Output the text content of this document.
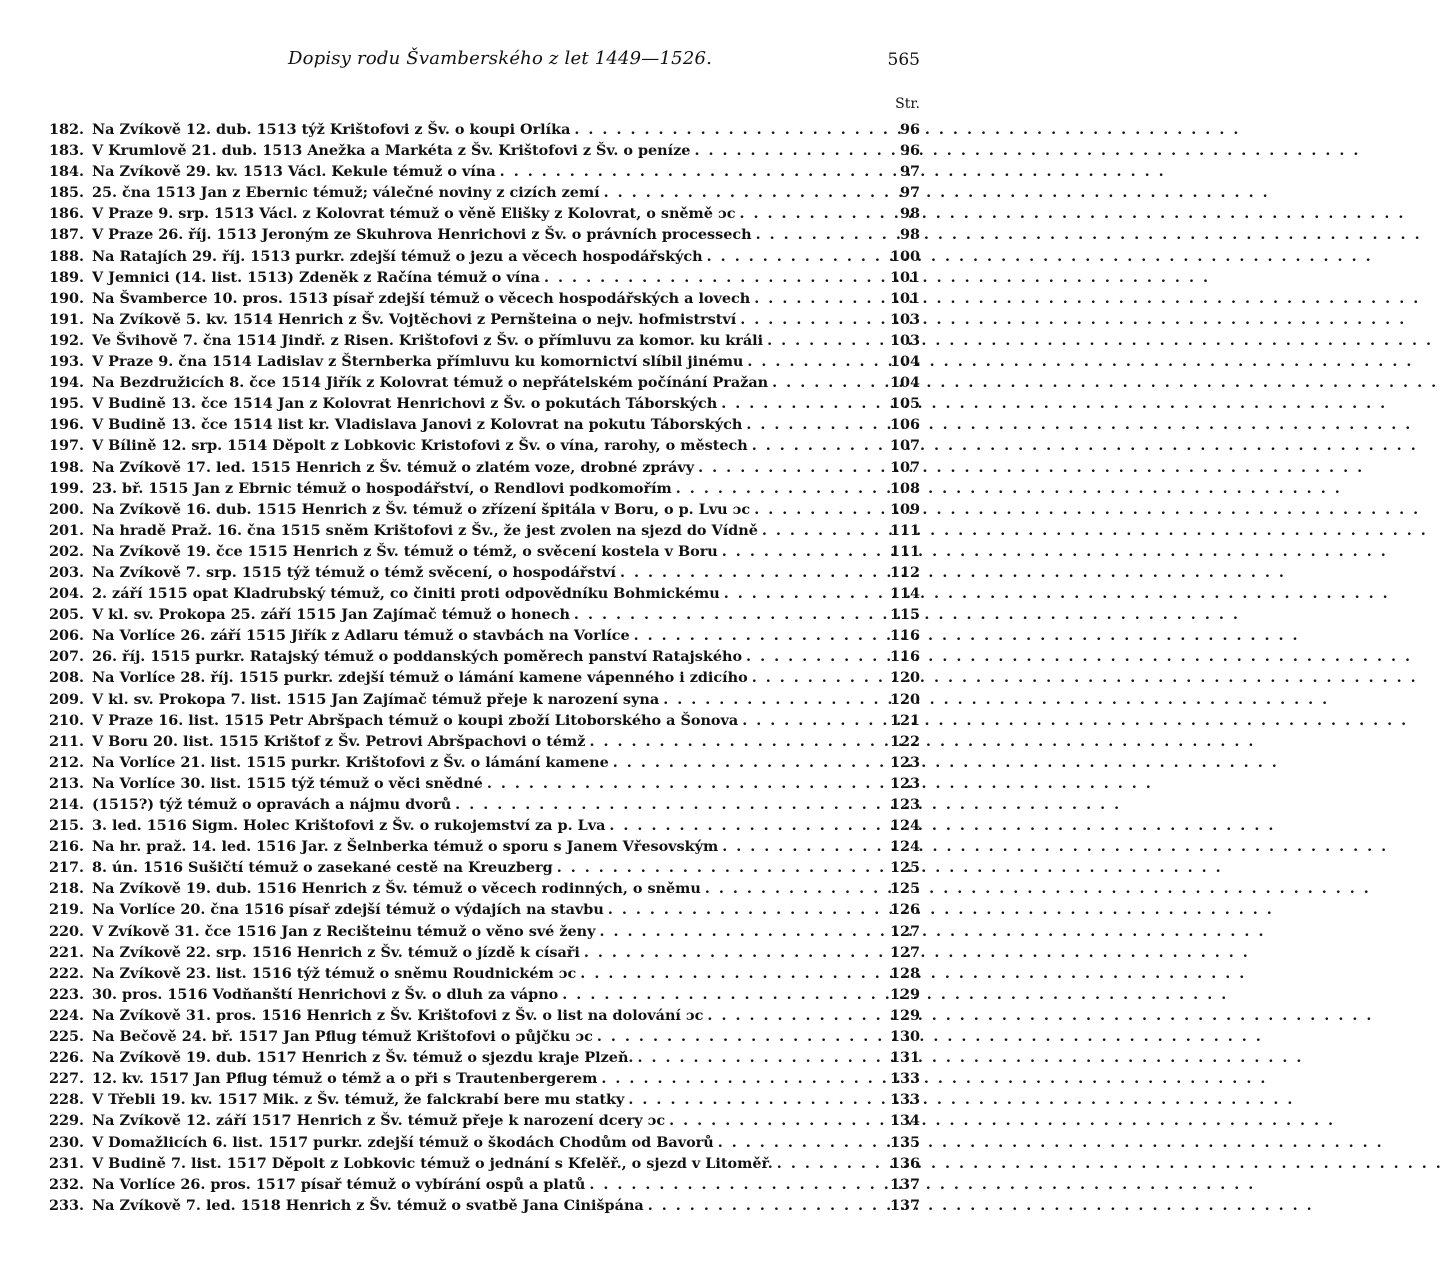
Dopisy rodu Švamberského z let 1449—1526.	565
Str.
182. Na Zvíkově 12. dub. 1513 týž Krištofovi z Šv. o koupi Orlíka . . .	96
183. V Krumlově 21. dub. 1513 Anežka a Markéta z Šv. Krištofovi z Šv. o peníze . . .	96
184. Na Zvíkově 29. kv. 1513 Václ. Kekule témuž o vína . . .	97
185. 25. čna 1513 Jan z Ebernic témuž; válečné noviny z cizích zemí . . .	97
186. V Praze 9. srp. 1513 Václ. z Kolovrat témuž o věně Elišky z Kolovrat, o sněmě ɔc . . .	98
187. V Praze 26. říj. 1513 Jeroným ze Skuhrova Henrichovi z Šv. o právních processech . . .	98
188. Na Ratajích 29. říj. 1513 purkr. zdejší témuž o jezu a věcech hospodářských . . .	100
189. V Jemnici (14. list. 1513) Zdeněk z Račína témuž o vína . . .	101
190. Na Švamberce 10. pros. 1513 písař zdejší témuž o věcech hospodářských a lovech . . .	101
191. Na Zvíkově 5. kv. 1514 Henrich z Šv. Vojtěchovi z Pernšteina o nejv. hofmistrství . . .	103
192. Ve Švihově 7. čna 1514 Jindř. z Risen. Krištofovi z Šv. o přímluvu za komor. ku králi . . .	103
193. V Praze 9. čna 1514 Ladislav z Šternberka přímluvu ku komornictví slíbil jinému . . .	104
194. Na Bezdružicích 8. čce 1514 Jiřík z Kolovrat témuž o nepřátelském počínání Pražan . . .	104
195. V Budině 13. čce 1514 Jan z Kolovrat Henrichovi z Šv. o pokutách Táborských . . .	105
196. V Budině 13. čce 1514 list kr. Vladislava Janovi z Kolovrat na pokutu Táborských . . .	106
197. V Bílině 12. srp. 1514 Děpolt z Lobkovic Kristofovi z Šv. o vína, rarohy, o městech . . .	107
198. Na Zvíkově 17. led. 1515 Henrich z Šv. témuž o zlatém voze, drobné zprávy . . .	107
199. 23. bř. 1515 Jan z Ebrnic témuž o hospodářství, o Rendlovi podkomořím . . .	108
200. Na Zvíkově 16. dub. 1515 Henrich z Šv. témuž o zřízení špitála v Boru, o p. Lvu ɔc . . .	109
201. Na hradě Praž. 16. čna 1515 sněm Krištofovi z Šv., že jest zvolen na sjezd do Vídně . . .	111
202. Na Zvíkově 19. čce 1515 Henrich z Šv. témuž o témž, o svěcení kostela v Boru . . .	111
203. Na Zvíkově 7. srp. 1515 týž témuž o témž svěcení, o hospodářství . . .	112
204. 2. září 1515 opat Kladrubský témuž, co činiti proti odpovědníku Bohmickému . . .	114
205. V kl. sv. Prokopa 25. září 1515 Jan Zajímač témuž o honech . . .	115
206. Na Vorlíce 26. září 1515 Jiřík z Adlaru témuž o stavbách na Vorlíce . . .	116
207. 26. říj. 1515 purkr. Ratajský témuž o poddanských poměrech panství Ratajského . . .	116
208. Na Vorlíce 28. říj. 1515 purkr. zdejší témuž o lámání kamene vápenného i zdicího . . .	120
209. V kl. sv. Prokopa 7. list. 1515 Jan Zajímač témuž přeje k narození syna . . .	120
210. V Praze 16. list. 1515 Petr Abršpach témuž o koupi zboží Litoborského a Šonova . . .	121
211. V Boru 20. list. 1515 Krištof z Šv. Petrovi Abršpachovi o témž . . .	122
212. Na Vorlíce 21. list. 1515 purkr. Krištofovi z Šv. o lámání kamene . . .	123
213. Na Vorlíce 30. list. 1515 týž témuž o věci snědné . . .	123
214. (1515?) týž témuž o opravách a nájmu dvorů . . .	123
215. 3. led. 1516 Sigm. Holec Krištofovi z Šv. o rukojemství za p. Lva . . .	124
216. Na hr. praž. 14. led. 1516 Jar. z Šelnberka témuž o sporu s Janem Vřesovským . . .	124
217. 8. ún. 1516 Sušičtí témuž o zasekané cestě na Kreuzberg . . .	125
218. Na Zvíkově 19. dub. 1516 Henrich z Šv. témuž o věcech rodinných, o sněmu . . .	125
219. Na Vorlíce 20. čna 1516 písař zdejší témuž o výdajích na stavbu . . .	126
220. V Zvíkově 31. čce 1516 Jan z Recišteinu témuž o věno své ženy . . .	127
221. Na Zvíkově 22. srp. 1516 Henrich z Šv. témuž o jízdě k císaři . . .	127
222. Na Zvíkově 23. list. 1516 týž témuž o sněmu Roudnickém ɔc . . .	128
223. 30. pros. 1516 Vodňanští Henrichovi z Šv. o dluh za vápno . . .	129
224. Na Zvíkově 31. pros. 1516 Henrich z Šv. Krištofovi z Šv. o list na dolování ɔc . . .	129
225. Na Bečově 24. bř. 1517 Jan Pflug témuž Krištofovi o půjčku ɔc . . .	130
226. Na Zvíkově 19. dub. 1517 Henrich z Šv. témuž o sjezdu kraje Plzeň. . . .	131
227. 12. kv. 1517 Jan Pflug témuž o témž a o při s Trautenbergerem . . .	133
228. V Třebli 19. kv. 1517 Mik. z Šv. témuž, že falckrabí bere mu statky . . .	133
229. Na Zvíkově 12. září 1517 Henrich z Šv. témuž přeje k narození dcery ɔc . . .	134
230. V Domažlicích 6. list. 1517 purkr. zdejší témuž o škodách Chodům od Bavorů . . .	135
231. V Budině 7. list. 1517 Děpolt z Lobkovic témuž o jednání s Kfelěř., o sjezd v Litoměř. . . .	136
232. Na Vorlíce 26. pros. 1517 písař témuž o vybírání ospů a platů . . .	137
233. Na Zvíkově 7. led. 1518 Henrich z Šv. témuž o svatbě Jana Cinišpána . . .	137
